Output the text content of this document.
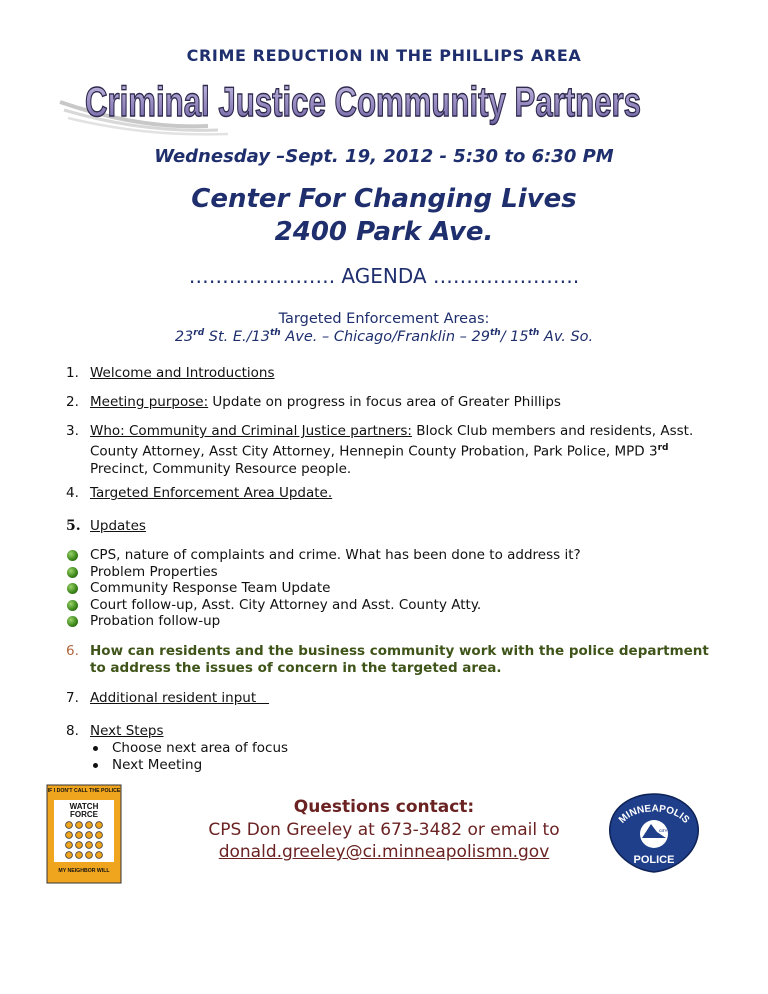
CRIME REDUCTION IN THE PHILLIPS AREA
Criminal Justice Community Partners
Wednesday –Sept. 19, 2012 - 5:30 to 6:30 PM
Center For Changing Lives
2400 Park Ave.
…………………. AGENDA ………………….
Targeted Enforcement Areas:
23rd St. E./13th Ave. – Chicago/Franklin – 29th/ 15th Av. So.
1. Welcome and Introductions
2. Meeting purpose: Update on progress in focus area of Greater Phillips
3. Who: Community and Criminal Justice partners: Block Club members and residents, Asst. County Attorney, Asst City Attorney, Hennepin County Probation, Park Police, MPD 3rd Precinct, Community Resource people.
4. Targeted Enforcement Area Update.
5. Updates
CPS, nature of complaints and crime. What has been done to address it?
Problem Properties
Community Response Team Update
Court follow-up, Asst. City Attorney and Asst. County Atty.
Probation follow-up
6. How can residents and the business community work with the police department to address the issues of concern in the targeted area.
7. Additional resident input
8. Next Steps
Choose next area of focus
Next Meeting
IF I DON'T CALL THE POLICE
WATCH
FORCE
MY NEIGHBOR WILL
Questions contact:
CPS Don Greeley at 673-3482 or email to
donald.greeley@ci.minneapolismn.gov
MINNEAPOLIS
CITY OF LAKES
POLICE
